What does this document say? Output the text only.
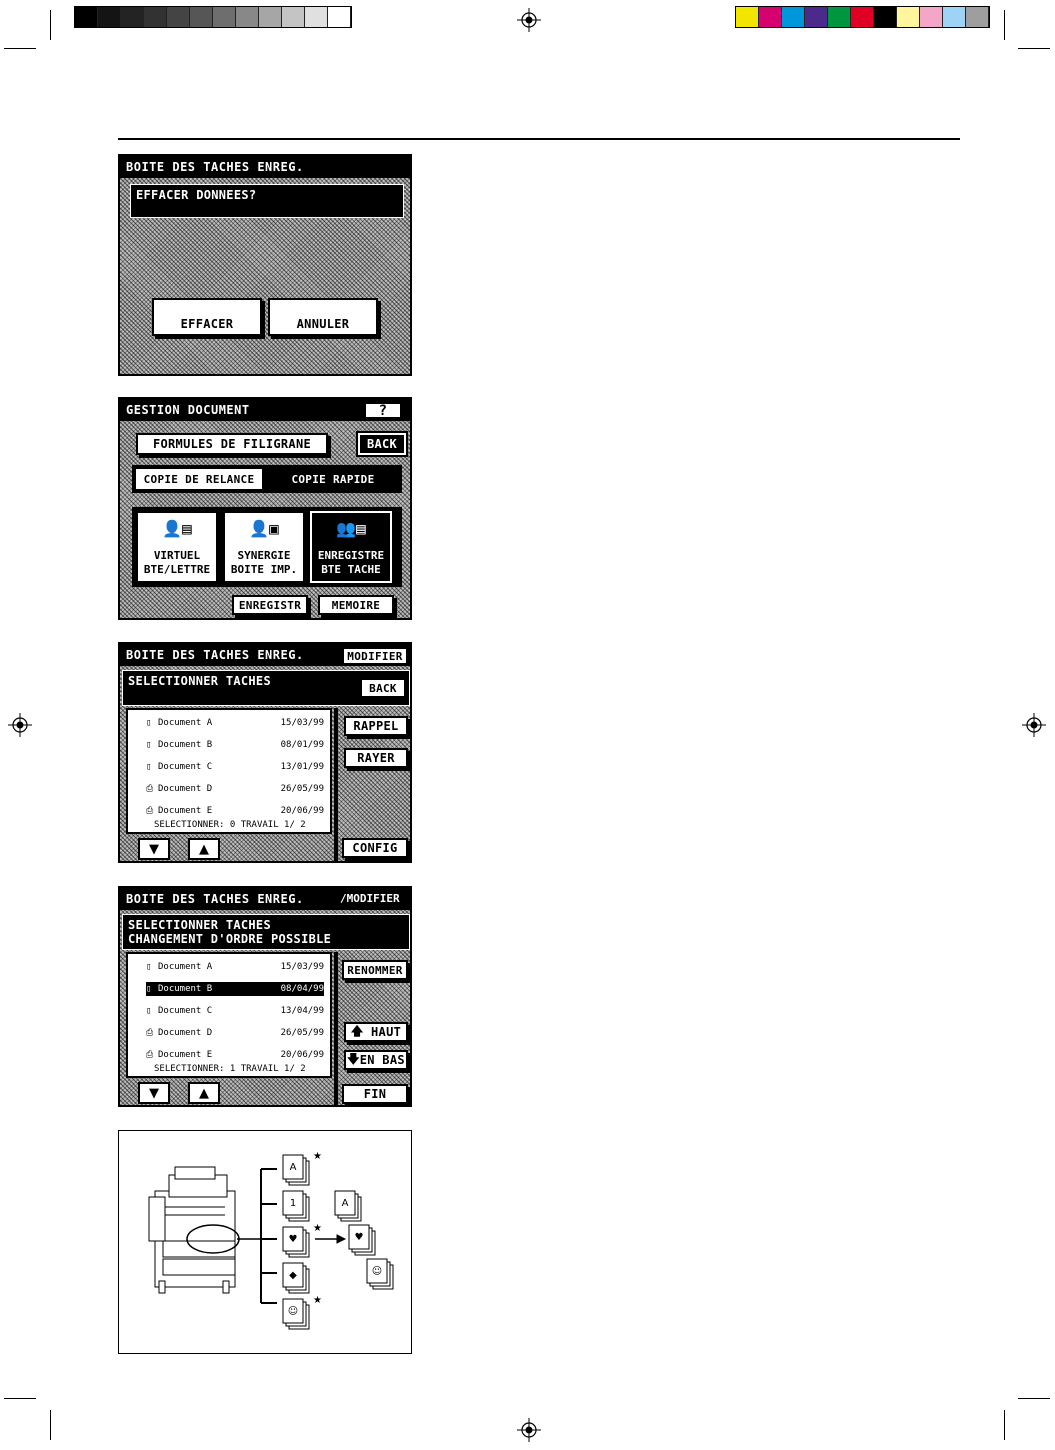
BOITE DES TACHES ENREG.
EFFACER DONNEES?
EFFACER	ANNULER
GESTION DOCUMENT	?
FORMULES DE FILIGRANE	BACK
COPIE DE RELANCE	COPIE RAPIDE
👤▤
VIRTUEL
BTE/LETTRE
👤▣
SYNERGIE
BOITE IMP.
👥▤
ENREGISTRE
BTE TACHE
ENREGISTR	MEMOIRE
BOITE DES TACHES ENREG.	MODIFIER
SELECTIONNER TACHES	BACK
▯ Document A	15/03/99
▯ Document B	08/01/99
▯ Document C	13/01/99
⎙ Document D	26/05/99
⎙ Document E	20/06/99
SELECTIONNER: 0 TRAVAIL 1/ 2
▼	▲
RAPPEL
RAYER
CONFIG
BOITE DES TACHES ENREG.	/MODIFIER
SELECTIONNER TACHES
CHANGEMENT D'ORDRE POSSIBLE
▯ Document A	15/03/99
▯ Document B	08/04/99
▯ Document C	13/04/99
⎙ Document D	26/05/99
⎙ Document E	20/06/99
SELECTIONNER: 1 TRAVAIL 1/ 2
▼	▲
RENOMMER
🡅 HAUT
🡇 EN BAS
FIN
A
★
1
♥
★
◆
☺
★
A
♥
☺
